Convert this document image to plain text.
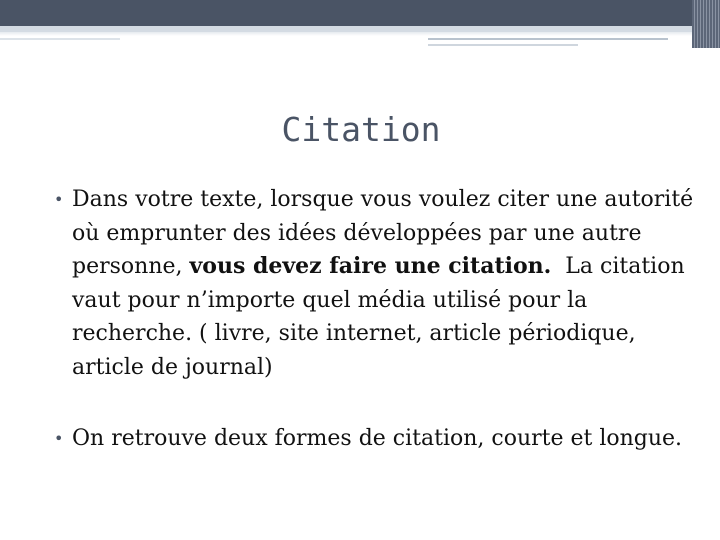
Citation

• Dans votre texte, lorsque vous voulez citer une autorité où emprunter des idées développées par une autre personne, vous devez faire une citation.  La citation vaut pour n’importe quel média utilisé pour la recherche. ( livre, site internet, article périodique, article de journal)

• On retrouve deux formes de citation, courte et longue.
